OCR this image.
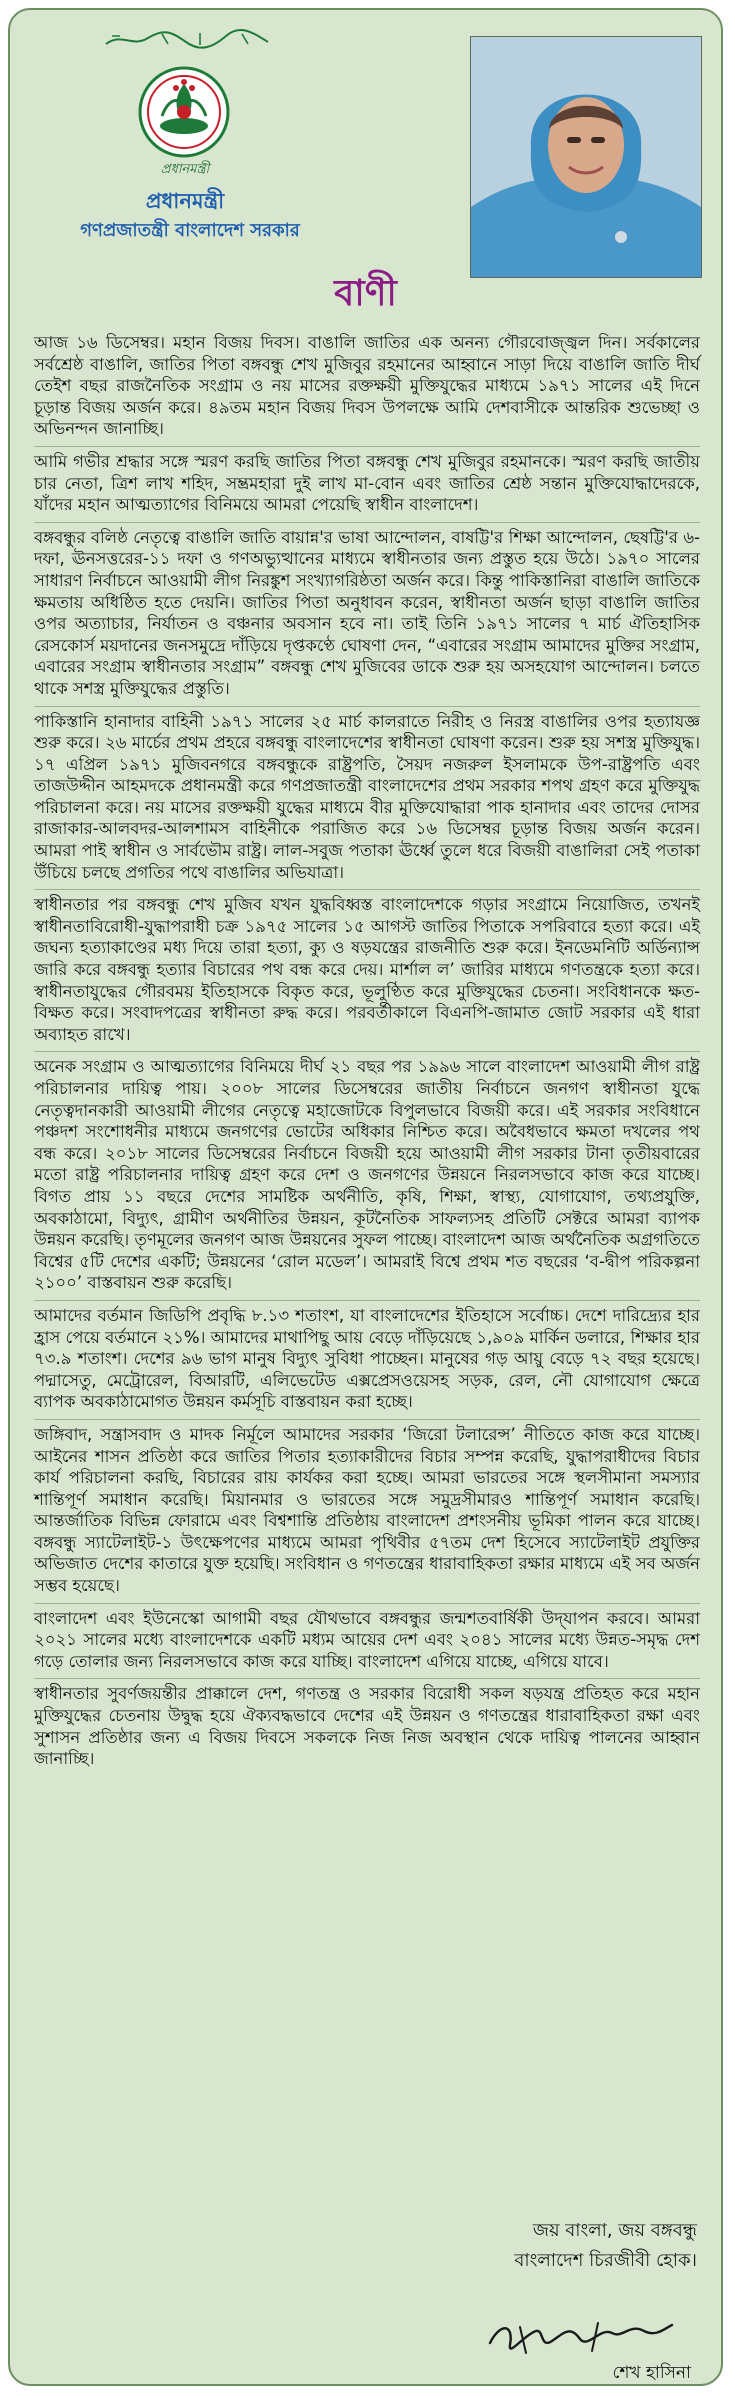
প্রধানমন্ত্রী
প্রধানমন্ত্রী
গণপ্রজাতন্ত্রী বাংলাদেশ সরকার
বাণী

আজ ১৬ ডিসেম্বর। মহান বিজয় দিবস। বাঙালি জাতির এক অনন্য গৌরবোজ্জ্বল দিন। সর্বকালের সর্বশ্রেষ্ঠ বাঙালি, জাতির পিতা বঙ্গবন্ধু শেখ মুজিবুর রহমানের আহ্বানে সাড়া দিয়ে বাঙালি জাতি দীর্ঘ তেইশ বছর রাজনৈতিক সংগ্রাম ও নয় মাসের রক্তক্ষয়ী মুক্তিযুদ্ধের মাধ্যমে ১৯৭১ সালের এই দিনে চূড়ান্ত বিজয় অর্জন করে। ৪৯তম মহান বিজয় দিবস উপলক্ষে আমি দেশবাসীকে আন্তরিক শুভেচ্ছা ও অভিনন্দন জানাচ্ছি।

আমি গভীর শ্রদ্ধার সঙ্গে স্মরণ করছি জাতির পিতা বঙ্গবন্ধু শেখ মুজিবুর রহমানকে। স্মরণ করছি জাতীয় চার নেতা, ত্রিশ লাখ শহিদ, সম্ভ্রমহারা দুই লাখ মা-বোন এবং জাতির শ্রেষ্ঠ সন্তান মুক্তিযোদ্ধাদেরকে, যাঁদের মহান আত্মত্যাগের বিনিময়ে আমরা পেয়েছি স্বাধীন বাংলাদেশ।

বঙ্গবন্ধুর বলিষ্ঠ নেতৃত্বে বাঙালি জাতি বায়ান্ন'র ভাষা আন্দোলন, বাষট্টি'র শিক্ষা আন্দোলন, ছেষট্টি'র ৬-দফা, ঊনসত্তরের-১১ দফা ও গণঅভ্যুত্থানের মাধ্যমে স্বাধীনতার জন্য প্রস্তুত হয়ে উঠে। ১৯৭০ সালের সাধারণ নির্বাচনে আওয়ামী লীগ নিরঙ্কুশ সংখ্যাগরিষ্ঠতা অর্জন করে। কিন্তু পাকিস্তানিরা বাঙালি জাতিকে ক্ষমতায় অধিষ্ঠিত হতে দেয়নি। জাতির পিতা অনুধাবন করেন, স্বাধীনতা অর্জন ছাড়া বাঙালি জাতির ওপর অত্যাচার, নির্যাতন ও বঞ্চনার অবসান হবে না। তাই তিনি ১৯৭১ সালের ৭ মার্চ ঐতিহাসিক রেসকোর্স ময়দানের জনসমুদ্রে দাঁড়িয়ে দৃপ্তকণ্ঠে ঘোষণা দেন, “এবারের সংগ্রাম আমাদের মুক্তির সংগ্রাম, এবারের সংগ্রাম স্বাধীনতার সংগ্রাম” বঙ্গবন্ধু শেখ মুজিবের ডাকে শুরু হয় অসহযোগ আন্দোলন। চলতে থাকে সশস্ত্র মুক্তিযুদ্ধের প্রস্তুতি।

পাকিস্তানি হানাদার বাহিনী ১৯৭১ সালের ২৫ মার্চ কালরাতে নিরীহ ও নিরস্ত্র বাঙালির ওপর হত্যাযজ্ঞ শুরু করে। ২৬ মার্চের প্রথম প্রহরে বঙ্গবন্ধু বাংলাদেশের স্বাধীনতা ঘোষণা করেন। শুরু হয় সশস্ত্র মুক্তিযুদ্ধ। ১৭ এপ্রিল ১৯৭১ মুজিবনগরে বঙ্গবন্ধুকে রাষ্ট্রপতি, সৈয়দ নজরুল ইসলামকে উপ-রাষ্ট্রপতি এবং তাজউদ্দীন আহমদকে প্রধানমন্ত্রী করে গণপ্রজাতন্ত্রী বাংলাদেশের প্রথম সরকার শপথ গ্রহণ করে মুক্তিযুদ্ধ পরিচালনা করে। নয় মাসের রক্তক্ষয়ী যুদ্ধের মাধ্যমে বীর মুক্তিযোদ্ধারা পাক হানাদার এবং তাদের দোসর রাজাকার-আলবদর-আলশামস বাহিনীকে পরাজিত করে ১৬ ডিসেম্বর চূড়ান্ত বিজয় অর্জন করেন। আমরা পাই স্বাধীন ও সার্বভৌম রাষ্ট্র। লাল-সবুজ পতাকা ঊর্ধ্বে তুলে ধরে বিজয়ী বাঙালিরা সেই পতাকা উঁচিয়ে চলছে প্রগতির পথে বাঙালির অভিযাত্রা।

স্বাধীনতার পর বঙ্গবন্ধু শেখ মুজিব যখন যুদ্ধবিধ্বস্ত বাংলাদেশকে গড়ার সংগ্রামে নিয়োজিত, তখনই স্বাধীনতাবিরোধী-যুদ্ধাপরাধী চক্র ১৯৭৫ সালের ১৫ আগস্ট জাতির পিতাকে সপরিবারে হত্যা করে। এই জঘন্য হত্যাকাণ্ডের মধ্য দিয়ে তারা হত্যা, ক্যু ও ষড়যন্ত্রের রাজনীতি শুরু করে। ইনডেমনিটি অর্ডিন্যান্স জারি করে বঙ্গবন্ধু হত্যার বিচারের পথ বন্ধ করে দেয়। মার্শাল ল’ জারির মাধ্যমে গণতন্ত্রকে হত্যা করে। স্বাধীনতাযুদ্ধের গৌরবময় ইতিহাসকে বিকৃত করে, ভূলুণ্ঠিত করে মুক্তিযুদ্ধের চেতনা। সংবিধানকে ক্ষত-বিক্ষত করে। সংবাদপত্রের স্বাধীনতা রুদ্ধ করে। পরবর্তীকালে বিএনপি-জামাত জোট সরকার এই ধারা অব্যাহত রাখে।

অনেক সংগ্রাম ও আত্মত্যাগের বিনিময়ে দীর্ঘ ২১ বছর পর ১৯৯৬ সালে বাংলাদেশ আওয়ামী লীগ রাষ্ট্র পরিচালনার দায়িত্ব পায়। ২০০৮ সালের ডিসেম্বরের জাতীয় নির্বাচনে জনগণ স্বাধীনতা যুদ্ধে নেতৃত্বদানকারী আওয়ামী লীগের নেতৃত্বে মহাজোটকে বিপুলভাবে বিজয়ী করে। এই সরকার সংবিধানে পঞ্চদশ সংশোধনীর মাধ্যমে জনগণের ভোটের অধিকার নিশ্চিত করে। অবৈধভাবে ক্ষমতা দখলের পথ বন্ধ করে। ২০১৮ সালের ডিসেম্বরের নির্বাচনে বিজয়ী হয়ে আওয়ামী লীগ সরকার টানা তৃতীয়বারের মতো রাষ্ট্র পরিচালনার দায়িত্ব গ্রহণ করে দেশ ও জনগণের উন্নয়নে নিরলসভাবে কাজ করে যাচ্ছে। বিগত প্রায় ১১ বছরে দেশের সামষ্টিক অর্থনীতি, কৃষি, শিক্ষা, স্বাস্থ্য, যোগাযোগ, তথ্যপ্রযুক্তি, অবকাঠামো, বিদ্যুৎ, গ্রামীণ অর্থনীতির উন্নয়ন, কূটনৈতিক সাফল্যসহ প্রতিটি সেক্টরে আমরা ব্যাপক উন্নয়ন করেছি। তৃণমূলের জনগণ আজ উন্নয়নের সুফল পাচ্ছে। বাংলাদেশ আজ অর্থনৈতিক অগ্রগতিতে বিশ্বের ৫টি দেশের একটি; উন্নয়নের ‘রোল মডেল’। আমরাই বিশ্বে প্রথম শত বছরের ‘ব-দ্বীপ পরিকল্পনা ২১০০’ বাস্তবায়ন শুরু করেছি।

আমাদের বর্তমান জিডিপি প্রবৃদ্ধি ৮.১৩ শতাংশ, যা বাংলাদেশের ইতিহাসে সর্বোচ্চ। দেশে দারিদ্র্যের হার হ্রাস পেয়ে বর্তমানে ২১%। আমাদের মাথাপিছু আয় বেড়ে দাঁড়িয়েছে ১,৯০৯ মার্কিন ডলারে, শিক্ষার হার ৭৩.৯ শতাংশ। দেশের ৯৬ ভাগ মানুষ বিদ্যুৎ সুবিধা পাচ্ছেন। মানুষের গড় আয়ু বেড়ে ৭২ বছর হয়েছে। পদ্মাসেতু, মেট্রোরেল, বিআরটি, এলিভেটেড এক্সপ্রেসওয়েসহ সড়ক, রেল, নৌ যোগাযোগ ক্ষেত্রে ব্যাপক অবকাঠামোগত উন্নয়ন কর্মসূচি বাস্তবায়ন করা হচ্ছে।

জঙ্গিবাদ, সন্ত্রাসবাদ ও মাদক নির্মূলে আমাদের সরকার ‘জিরো টলারেন্স’ নীতিতে কাজ করে যাচ্ছে। আইনের শাসন প্রতিষ্ঠা করে জাতির পিতার হত্যাকারীদের বিচার সম্পন্ন করেছি, যুদ্ধাপরাধীদের বিচার কার্য পরিচালনা করছি, বিচারের রায় কার্যকর করা হচ্ছে। আমরা ভারতের সঙ্গে স্থলসীমানা সমস্যার শান্তিপূর্ণ সমাধান করেছি। মিয়ানমার ও ভারতের সঙ্গে সমুদ্রসীমারও শান্তিপূর্ণ সমাধান করেছি। আন্তর্জাতিক বিভিন্ন ফোরামে এবং বিশ্বশান্তি প্রতিষ্ঠায় বাংলাদেশ প্রশংসনীয় ভূমিকা পালন করে যাচ্ছে। বঙ্গবন্ধু স্যাটেলাইট-১ উৎক্ষেপণের মাধ্যমে আমরা পৃথিবীর ৫৭তম দেশ হিসেবে স্যাটেলাইট প্রযুক্তির অভিজাত দেশের কাতারে যুক্ত হয়েছি। সংবিধান ও গণতন্ত্রের ধারাবাহিকতা রক্ষার মাধ্যমে এই সব অর্জন সম্ভব হয়েছে।

বাংলাদেশ এবং ইউনেস্কো আগামী বছর যৌথভাবে বঙ্গবন্ধুর জন্মশতবার্ষিকী উদ্‌যাপন করবে। আমরা ২০২১ সালের মধ্যে বাংলাদেশকে একটি মধ্যম আয়ের দেশ এবং ২০৪১ সালের মধ্যে উন্নত-সমৃদ্ধ দেশ গড়ে তোলার জন্য নিরলসভাবে কাজ করে যাচ্ছি। বাংলাদেশ এগিয়ে যাচ্ছে, এগিয়ে যাবে।

স্বাধীনতার সুবর্ণজয়ন্তীর প্রাক্কালে দেশ, গণতন্ত্র ও সরকার বিরোধী সকল ষড়যন্ত্র প্রতিহত করে মহান মুক্তিযুদ্ধের চেতনায় উদ্বুদ্ধ হয়ে ঐক্যবদ্ধভাবে দেশের এই উন্নয়ন ও গণতন্ত্রের ধারাবাহিকতা রক্ষা এবং সুশাসন প্রতিষ্ঠার জন্য এ বিজয় দিবসে সকলকে নিজ নিজ অবস্থান থেকে দায়িত্ব পালনের আহ্বান জানাচ্ছি।

জয় বাংলা, জয় বঙ্গবন্ধু
বাংলাদেশ চিরজীবী হোক।
শেখ হাসিনা
